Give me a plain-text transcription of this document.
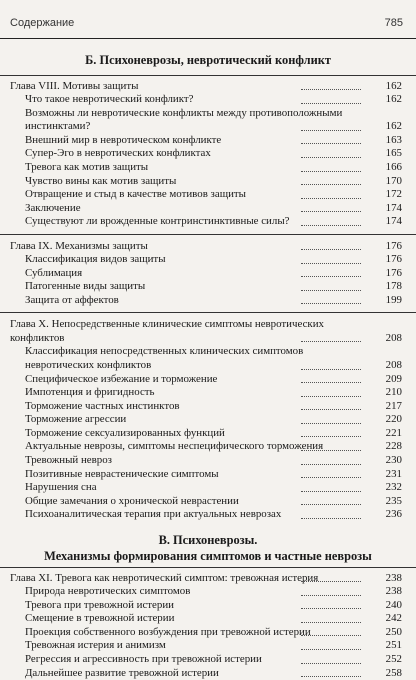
Содержание	785
Б. Психоневрозы, невротический конфликт
Глава VIII. Мотивы защиты	162
Что такое невротический конфликт?	162
Возможны ли невротические конфликты между противоположными инстинктами?	162
Внешний мир в невротическом конфликте	163
Супер-Эго в невротических конфликтах	165
Тревога как мотив защиты	166
Чувство вины как мотив защиты	170
Отвращение и стыд в качестве мотивов защиты	172
Заключение	174
Существуют ли врожденные контринстинктивные силы?	174
Глава IX. Механизмы защиты	176
Классификация видов защиты	176
Сублимация	176
Патогенные виды защиты	178
Защита от аффектов	199
Глава X. Непосредственные клинические симптомы невротических конфликтов	208
Классификация непосредственных клинических симптомов невротических конфликтов	208
Специфическое избежание и торможение	209
Импотенция и фригидность	210
Торможение частных инстинктов	217
Торможение агрессии	220
Торможение сексуализированных функций	221
Актуальные неврозы, симптомы неспецифического торможения	228
Тревожный невроз	230
Позитивные неврастенические симптомы	231
Нарушения сна	232
Общие замечания о хронической неврастении	235
Психоаналитическая терапия при актуальных неврозах	236
В. Психоневрозы.
Механизмы формирования симптомов и частные неврозы
Глава XI. Тревога как невротический симптом: тревожная истерия	238
Природа невротических симптомов	238
Тревога при тревожной истерии	240
Смещение в тревожной истерии	242
Проекция собственного возбуждения при тревожной истерии	250
Тревожная истерия и анимизм	251
Регрессия и агрессивность при тревожной истерии	252
Дальнейшее развитие тревожной истерии	258
